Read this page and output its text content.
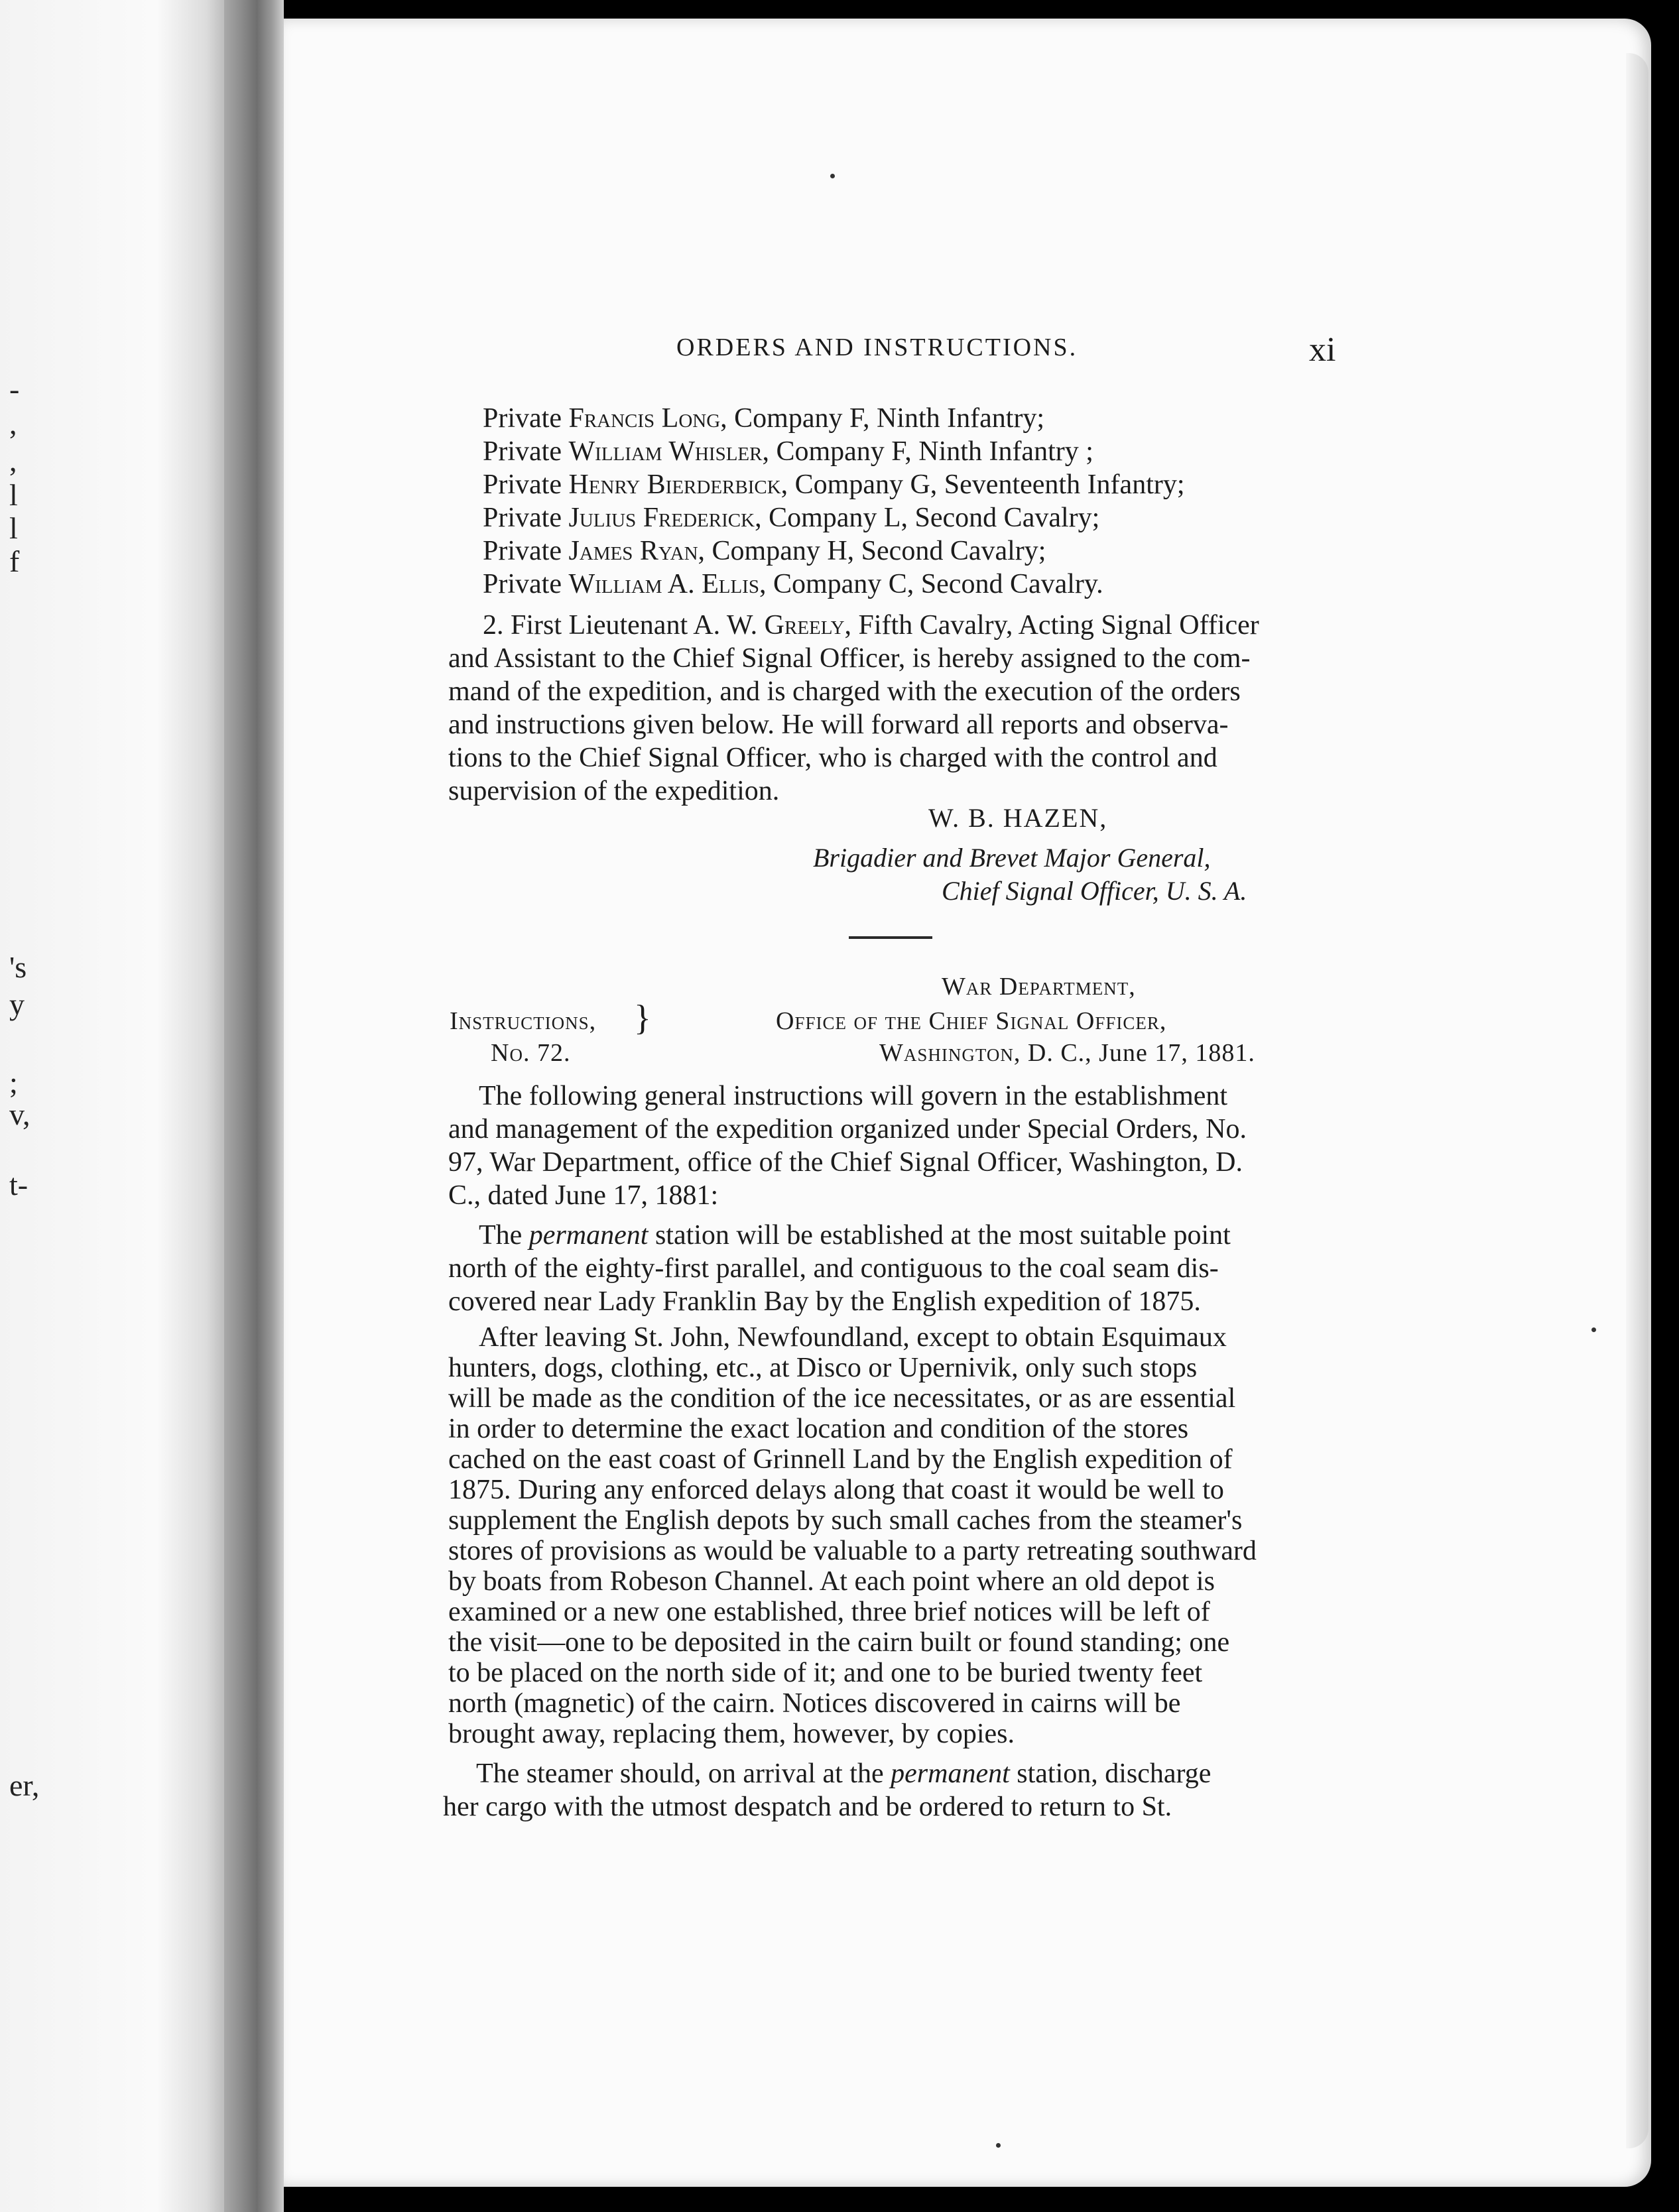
-
,
,
l
l
f
's
y
;
v,
t-
er,
ORDERS AND INSTRUCTIONS.	xi
Private Francis Long, Company F, Ninth Infantry;
Private William Whisler, Company F, Ninth Infantry ;
Private Henry Bierderbick, Company G, Seventeenth Infantry;
Private Julius Frederick, Company L, Second Cavalry;
Private James Ryan, Company H, Second Cavalry;
Private William A. Ellis, Company C, Second Cavalry.
2. First Lieutenant A. W. Greely, Fifth Cavalry, Acting Signal Officer
and Assistant to the Chief Signal Officer, is hereby assigned to the com-
mand of the expedition, and is charged with the execution of the orders
and instructions given below. He will forward all reports and observa-
tions to the Chief Signal Officer, who is charged with the control and
supervision of the expedition.
W. B. HAZEN,
Brigadier and Brevet Major General,
Chief Signal Officer, U. S. A.
War Department,
Instructions, }	Office of the Chief Signal Officer,
No. 72.	Washington, D. C., June 17, 1881.
The following general instructions will govern in the establishment
and management of the expedition organized under Special Orders, No.
97, War Department, office of the Chief Signal Officer, Washington, D.
C., dated June 17, 1881:
The permanent station will be established at the most suitable point
north of the eighty-first parallel, and contiguous to the coal seam dis-
covered near Lady Franklin Bay by the English expedition of 1875.
After leaving St. John, Newfoundland, except to obtain Esquimaux
hunters, dogs, clothing, etc., at Disco or Upernivik, only such stops
will be made as the condition of the ice necessitates, or as are essential
in order to determine the exact location and condition of the stores
cached on the east coast of Grinnell Land by the English expedition of
1875. During any enforced delays along that coast it would be well to
supplement the English depots by such small caches from the steamer's
stores of provisions as would be valuable to a party retreating southward
by boats from Robeson Channel. At each point where an old depot is
examined or a new one established, three brief notices will be left of
the visit—one to be deposited in the cairn built or found standing; one
to be placed on the north side of it; and one to be buried twenty feet
north (magnetic) of the cairn. Notices discovered in cairns will be
brought away, replacing them, however, by copies.
The steamer should, on arrival at the permanent station, discharge
her cargo with the utmost despatch and be ordered to return to St.
